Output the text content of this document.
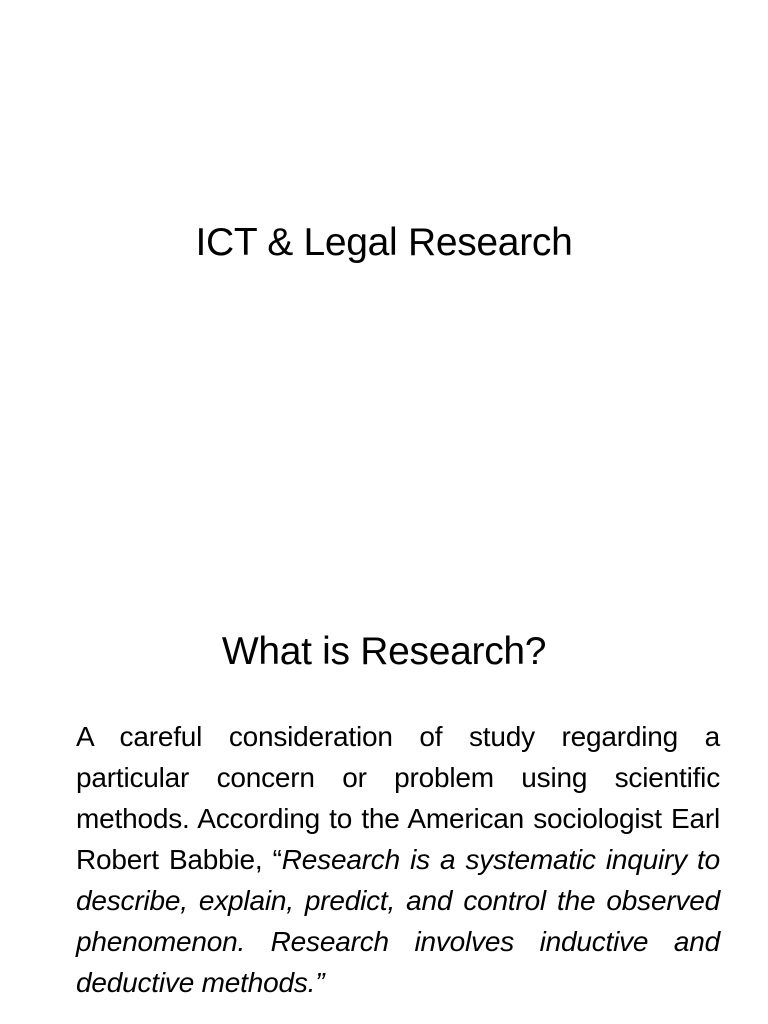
ICT & Legal Research
What is Research?

A careful consideration of study regarding a particular concern or problem using scientific methods. According to the American sociologist Earl Robert Babbie, “Research is a systematic inquiry to describe, explain, predict, and control the observed phenomenon. Research involves inductive and deductive methods.”
